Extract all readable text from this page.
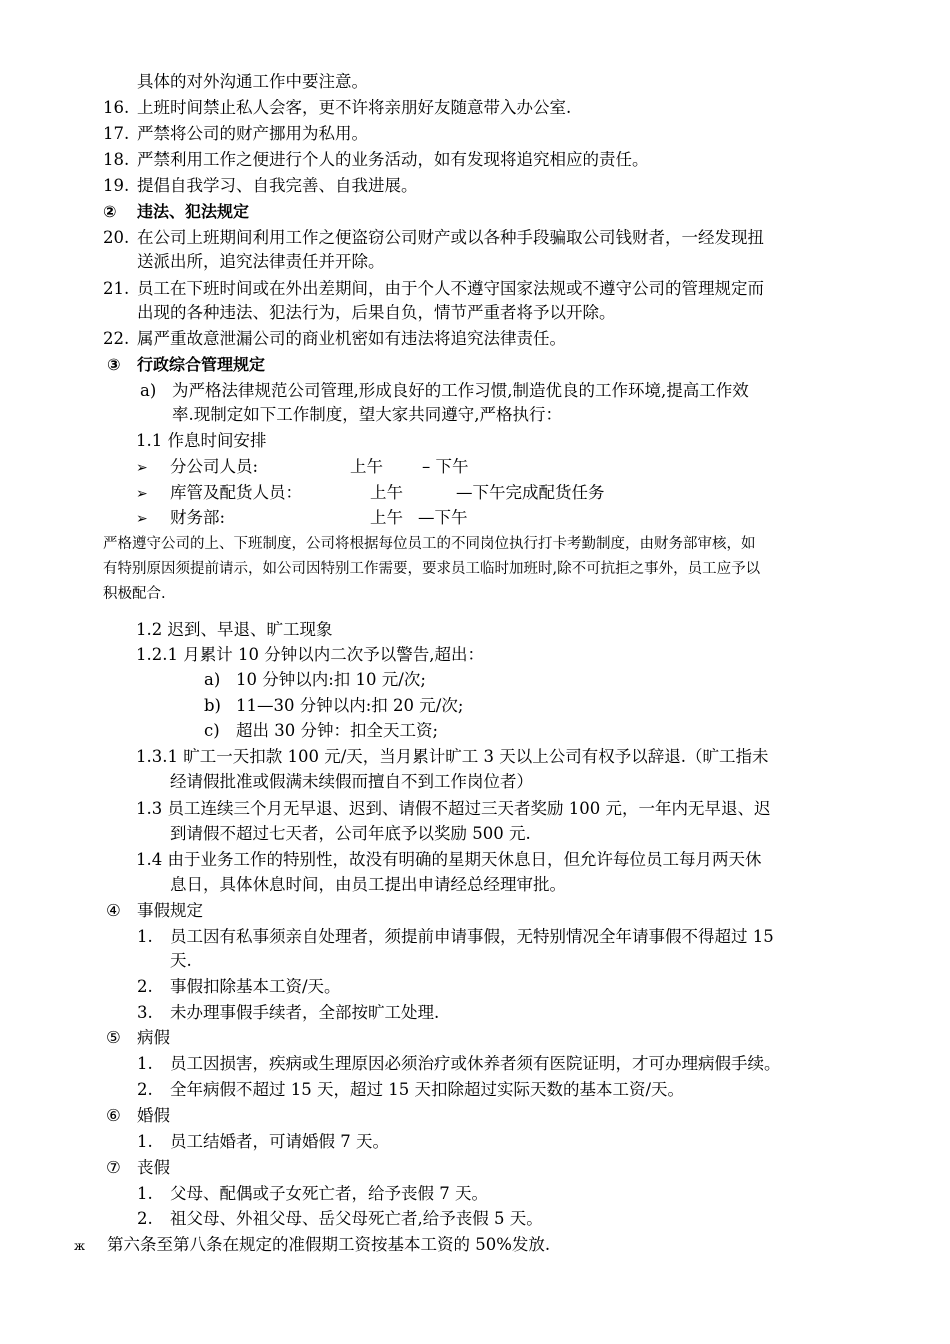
具体的对外沟通工作中要注意。
16. 上班时间禁止私人会客，更不许将亲朋好友随意带入办公室.
17. 严禁将公司的财产挪用为私用。
18. 严禁利用工作之便进行个人的业务活动，如有发现将追究相应的责任。
19. 提倡自我学习、自我完善、自我进展。
② 违法、犯法规定
20. 在公司上班期间利用工作之便盗窃公司财产或以各种手段骗取公司钱财者，一经发现扭
送派出所，追究法律责任并开除。
21. 员工在下班时间或在外出差期间，由于个人不遵守国家法规或不遵守公司的管理规定而
出现的各种违法、犯法行为，后果自负，情节严重者将予以开除。
22. 属严重故意泄漏公司的商业机密如有违法将追究法律责任。
③ 行政综合管理规定
a) 为严格法律规范公司管理,形成良好的工作习惯,制造优良的工作环境,提高工作效
率.现制定如下工作制度，望大家共同遵守,严格执行：
1.1 作息时间安排
➢ 分公司人员:	上午 – 下午
➢ 库管及配货人员：	上午	—下午完成配货任务
➢ 财务部:	上午 —下午
严格遵守公司的上、下班制度，公司将根据每位员工的不同岗位执行打卡考勤制度，由财务部审核，如
有特别原因须提前请示，如公司因特别工作需要，要求员工临时加班时,除不可抗拒之事外，员工应予以
积极配合.
1.2 迟到、早退、旷工现象
1.2.1 月累计 10 分钟以内二次予以警告,超出：
a) 10 分钟以内:扣 10 元/次;
b) 11—30 分钟以内:扣 20 元/次;
c) 超出 30 分钟：扣全天工资;
1.3.1 旷工一天扣款 100 元/天，当月累计旷工 3 天以上公司有权予以辞退.（旷工指未
经请假批准或假满未续假而擅自不到工作岗位者）
1.3 员工连续三个月无早退、迟到、请假不超过三天者奖励 100 元，一年内无早退、迟
到请假不超过七天者，公司年底予以奖励 500 元.
1.4 由于业务工作的特别性，故没有明确的星期天休息日，但允许每位员工每月两天休
息日，具体休息时间，由员工提出申请经总经理审批。
④ 事假规定
1. 员工因有私事须亲自处理者，须提前申请事假，无特别情况全年请事假不得超过 15
天.
2. 事假扣除基本工资/天。
3. 未办理事假手续者，全部按旷工处理.
⑤ 病假
1. 员工因损害，疾病或生理原因必须治疗或休养者须有医院证明，才可办理病假手续。
2. 全年病假不超过 15 天，超过 15 天扣除超过实际天数的基本工资/天。
⑥ 婚假
1. 员工结婚者，可请婚假 7 天。
⑦ 丧假
1. 父母、配偶或子女死亡者，给予丧假 7 天。
2. 祖父母、外祖父母、岳父母死亡者,给予丧假 5 天。
ж 第六条至第八条在规定的准假期工资按基本工资的 50%发放.
